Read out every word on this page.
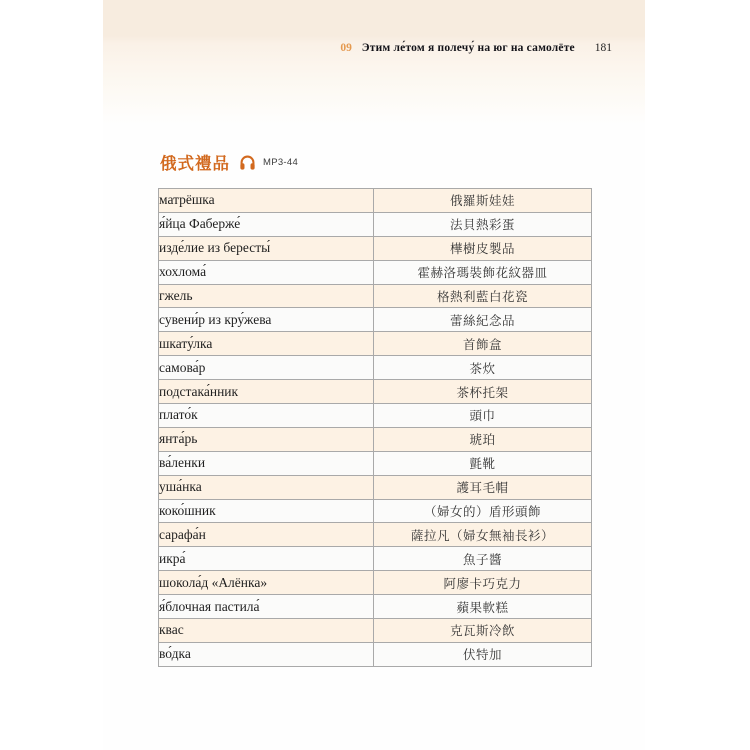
09 Этим ле́том я полечу́ на юг на самолёте 181
俄式禮品	MP3-44
матрёшка	俄羅斯娃娃
я́йца Фаберже́	法貝熱彩蛋
изде́лие из бересты́	樺樹皮製品
хохлома́	霍赫洛瑪裝飾花紋器皿
гжель	格熱利藍白花瓷
сувени́р из кру́жева	蕾絲紀念品
шкату́лка	首飾盒
самова́р	茶炊
подстака́нник	茶杯托架
плато́к	頭巾
янта́рь	琥珀
ва́ленки	氈靴
уша́нка	護耳毛帽
коко́шник	（婦女的）盾形頭飾
сарафа́н	薩拉凡（婦女無袖長衫）
икра́	魚子醬
шокола́д «Алёнка»	阿廖卡巧克力
я́блочная пастила́	蘋果軟糕
квас	克瓦斯冷飲
во́дка	伏特加
